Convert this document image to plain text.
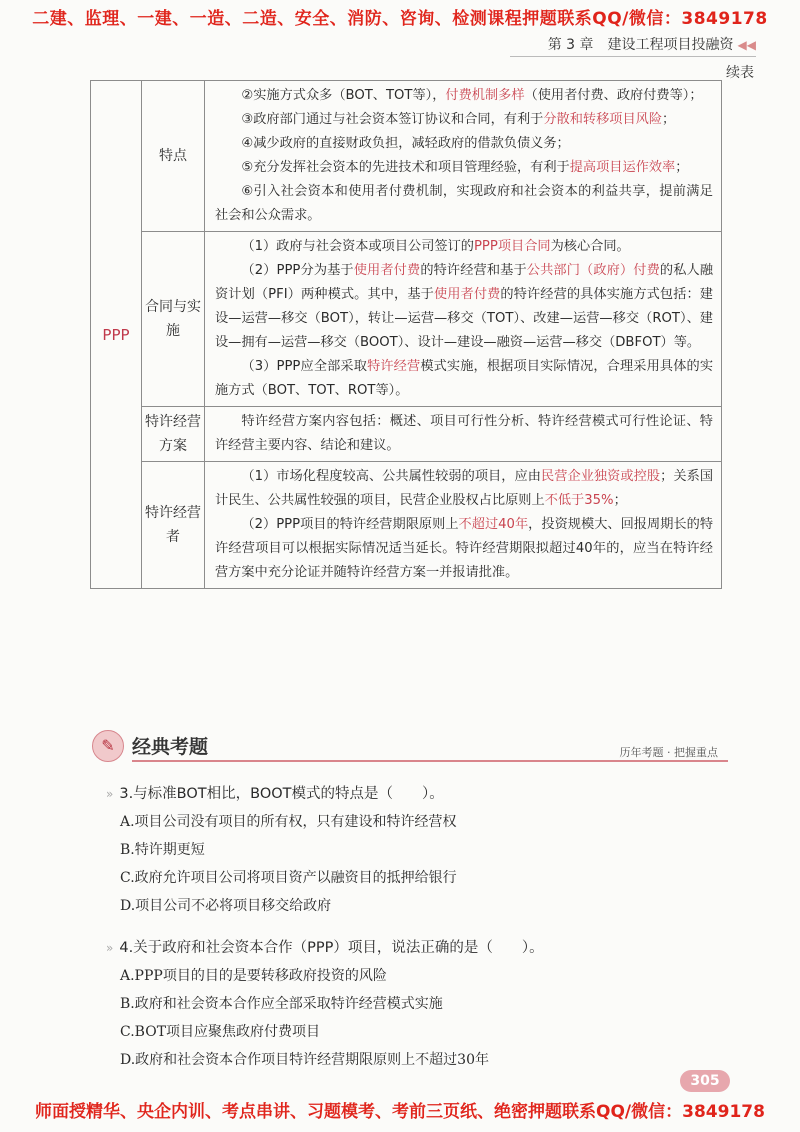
二建、监理、一建、一造、二造、安全、消防、咨询、检测课程押题联系QQ/微信：3849178
第 3 章　建设工程项目投融资 ◀◀
续表
PPP	特点	②实施方式众多（BOT、TOT等），付费机制多样（使用者付费、政府付费等）；
③政府部门通过与社会资本签订协议和合同，有利于分散和转移项目风险；
④减少政府的直接财政负担，减轻政府的借款负债义务；
⑤充分发挥社会资本的先进技术和项目管理经验，有利于提高项目运作效率；
⑥引入社会资本和使用者付费机制，实现政府和社会资本的利益共享，提前满足社会和公众需求。

	合同与实施	（1）政府与社会资本或项目公司签订的PPP项目合同为核心合同。
（2）PPP分为基于使用者付费的特许经营和基于公共部门（政府）付费的私人融资计划（PFI）两种模式。其中，基于使用者付费的特许经营的具体实施方式包括：建设—运营—移交（BOT），转让—运营—移交（TOT）、改建—运营—移交（ROT）、建设—拥有—运营—移交（BOOT）、设计—建设—融资—运营—移交（DBFOT）等。
（3）PPP应全部采取特许经营模式实施，根据项目实际情况，合理采用具体的实施方式（BOT、TOT、ROT等）。

	特许经营方案	特许经营方案内容包括：概述、项目可行性分析、特许经营模式可行性论证、特许经营主要内容、结论和建议。

	特许经营者	（1）市场化程度较高、公共属性较弱的项目，应由民营企业独资或控股；关系国计民生、公共属性较强的项目，民营企业股权占比原则上不低于35%；
（2）PPP项目的特许经营期限原则上不超过40年，投资规模大、回报周期长的特许经营项目可以根据实际情况适当延长。特许经营期限拟超过40年的，应当在特许经营方案中充分论证并随特许经营方案一并报请批准。
✎ 经典考题	历年考题 · 把握重点
» 3.与标准BOT相比，BOOT模式的特点是（　　）。
A.项目公司没有项目的所有权，只有建设和特许经营权
B.特许期更短
C.政府允许项目公司将项目资产以融资目的抵押给银行
D.项目公司不必将项目移交给政府
» 4.关于政府和社会资本合作（PPP）项目，说法正确的是（　　）。
A.PPP项目的目的是要转移政府投资的风险
B.政府和社会资本合作应全部采取特许经营模式实施
C.BOT项目应聚焦政府付费项目
D.政府和社会资本合作项目特许经营期限原则上不超过30年
305
师面授精华、央企内训、考点串讲、习题模考、考前三页纸、绝密押题联系QQ/微信：3849178
